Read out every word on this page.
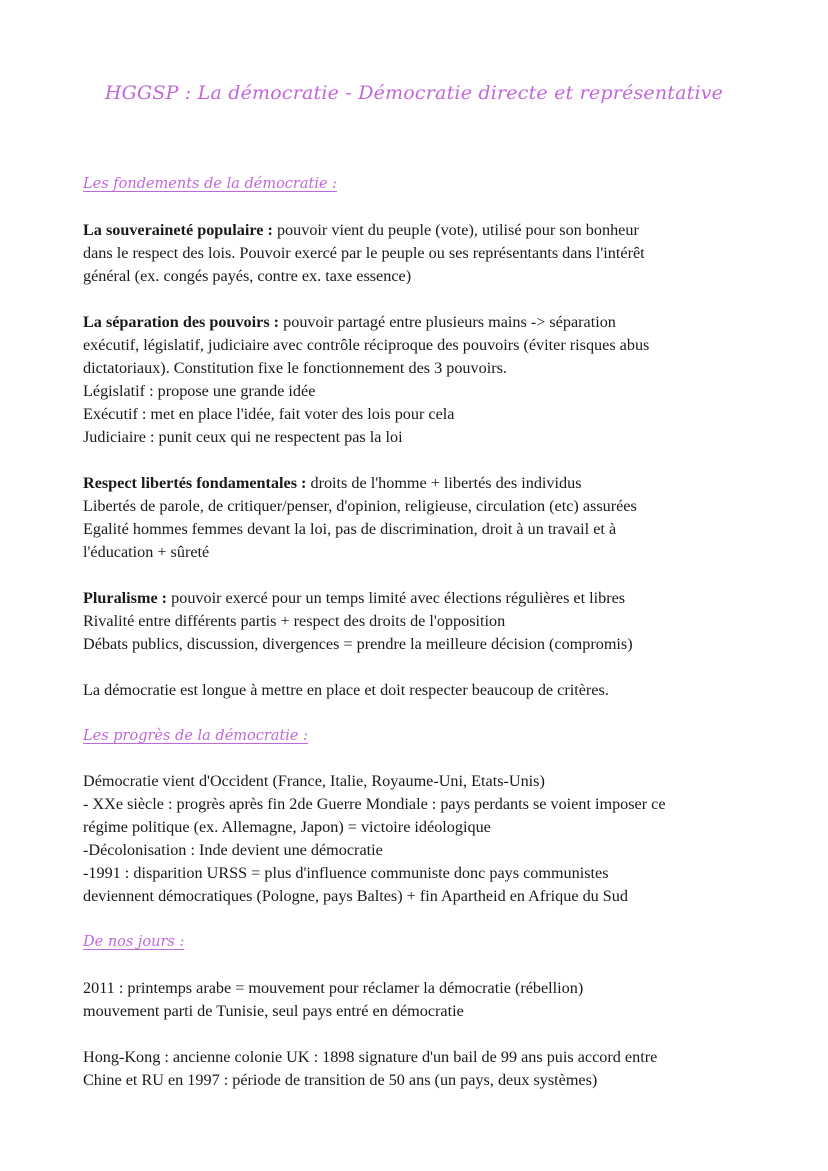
HGGSP : La démocratie - Démocratie directe et représentative
Les fondements de la démocratie :
La souveraineté populaire : pouvoir vient du peuple (vote), utilisé pour son bonheur
dans le respect des lois. Pouvoir exercé par le peuple ou ses représentants dans l'intérêt
général (ex. congés payés, contre ex. taxe essence)
La séparation des pouvoirs : pouvoir partagé entre plusieurs mains -> séparation
exécutif, législatif, judiciaire avec contrôle réciproque des pouvoirs (éviter risques abus
dictatoriaux). Constitution fixe le fonctionnement des 3 pouvoirs.
Législatif : propose une grande idée
Exécutif : met en place l'idée, fait voter des lois pour cela
Judiciaire : punit ceux qui ne respectent pas la loi
Respect libertés fondamentales : droits de l'homme + libertés des individus
Libertés de parole, de critiquer/penser, d'opinion, religieuse, circulation (etc) assurées
Egalité hommes femmes devant la loi, pas de discrimination, droit à un travail et à
l'éducation + sûreté
Pluralisme : pouvoir exercé pour un temps limité avec élections régulières et libres
Rivalité entre différents partis + respect des droits de l'opposition
Débats publics, discussion, divergences = prendre la meilleure décision (compromis)
La démocratie est longue à mettre en place et doit respecter beaucoup de critères.
Les progrès de la démocratie :
Démocratie vient d'Occident (France, Italie, Royaume-Uni, Etats-Unis)
- XXe siècle : progrès après fin 2de Guerre Mondiale : pays perdants se voient imposer ce
régime politique (ex. Allemagne, Japon) = victoire idéologique
-Décolonisation : Inde devient une démocratie
-1991 : disparition URSS = plus d'influence communiste donc pays communistes
deviennent démocratiques (Pologne, pays Baltes) + fin Apartheid en Afrique du Sud
De nos jours :
2011 : printemps arabe = mouvement pour réclamer la démocratie (rébellion)
mouvement parti de Tunisie, seul pays entré en démocratie
Hong-Kong : ancienne colonie UK : 1898 signature d'un bail de 99 ans puis accord entre
Chine et RU en 1997 : période de transition de 50 ans (un pays, deux systèmes)
